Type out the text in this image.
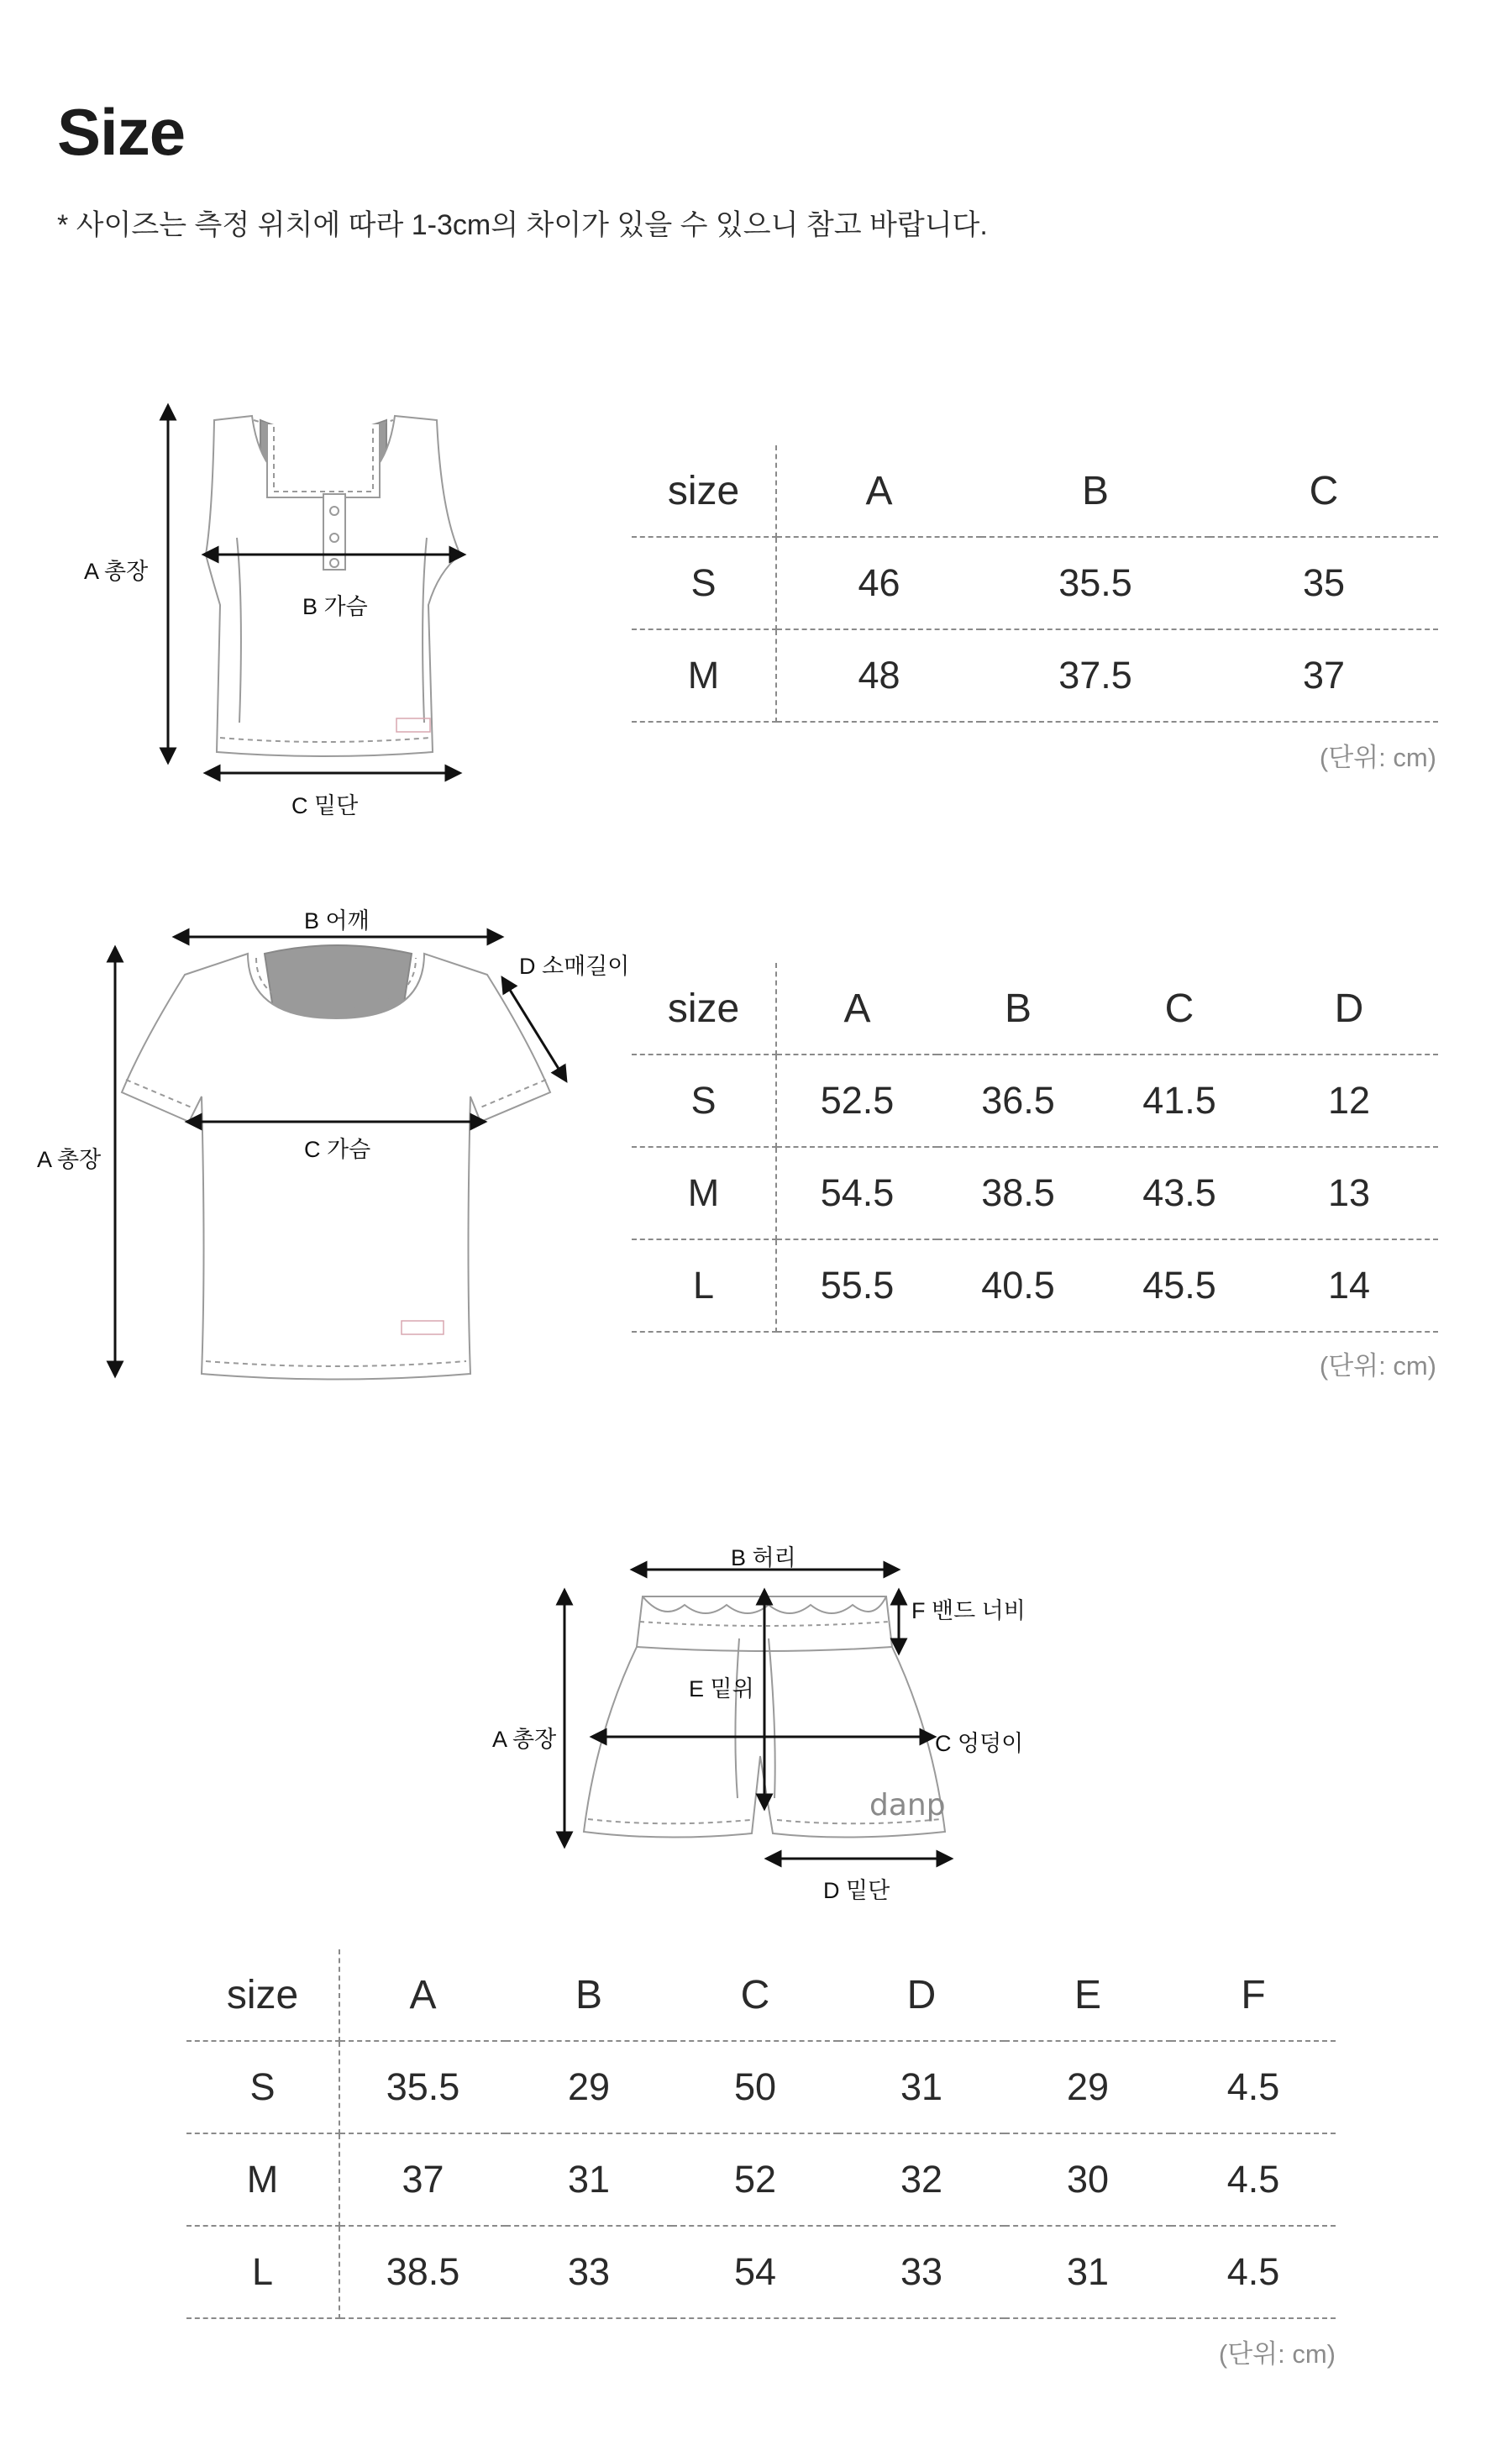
Size

* 사이즈는 측정 위치에 따라 1-3cm의 차이가 있을 수 있으니 참고 바랍니다.

A 총장
B 가슴
C 밑단
size	A	B	C
S	46	35.5	35
M	48	37.5	37
(단위: cm)
B 어깨
D 소매길이
A 총장	C 가슴
size	A	B	C	D
S	52.5	36.5	41.5	12
M	54.5	38.5	43.5	13
L	55.5	40.5	45.5	14
(단위: cm)
danp
B 허리
F 밴드 너비
E 밑위
A 총장	C 엉덩이
D 밑단
size	A	B	C	D	E	F
S	35.5	29	50	31	29	4.5
M	37	31	52	32	30	4.5
L	38.5	33	54	33	31	4.5
(단위: cm)
